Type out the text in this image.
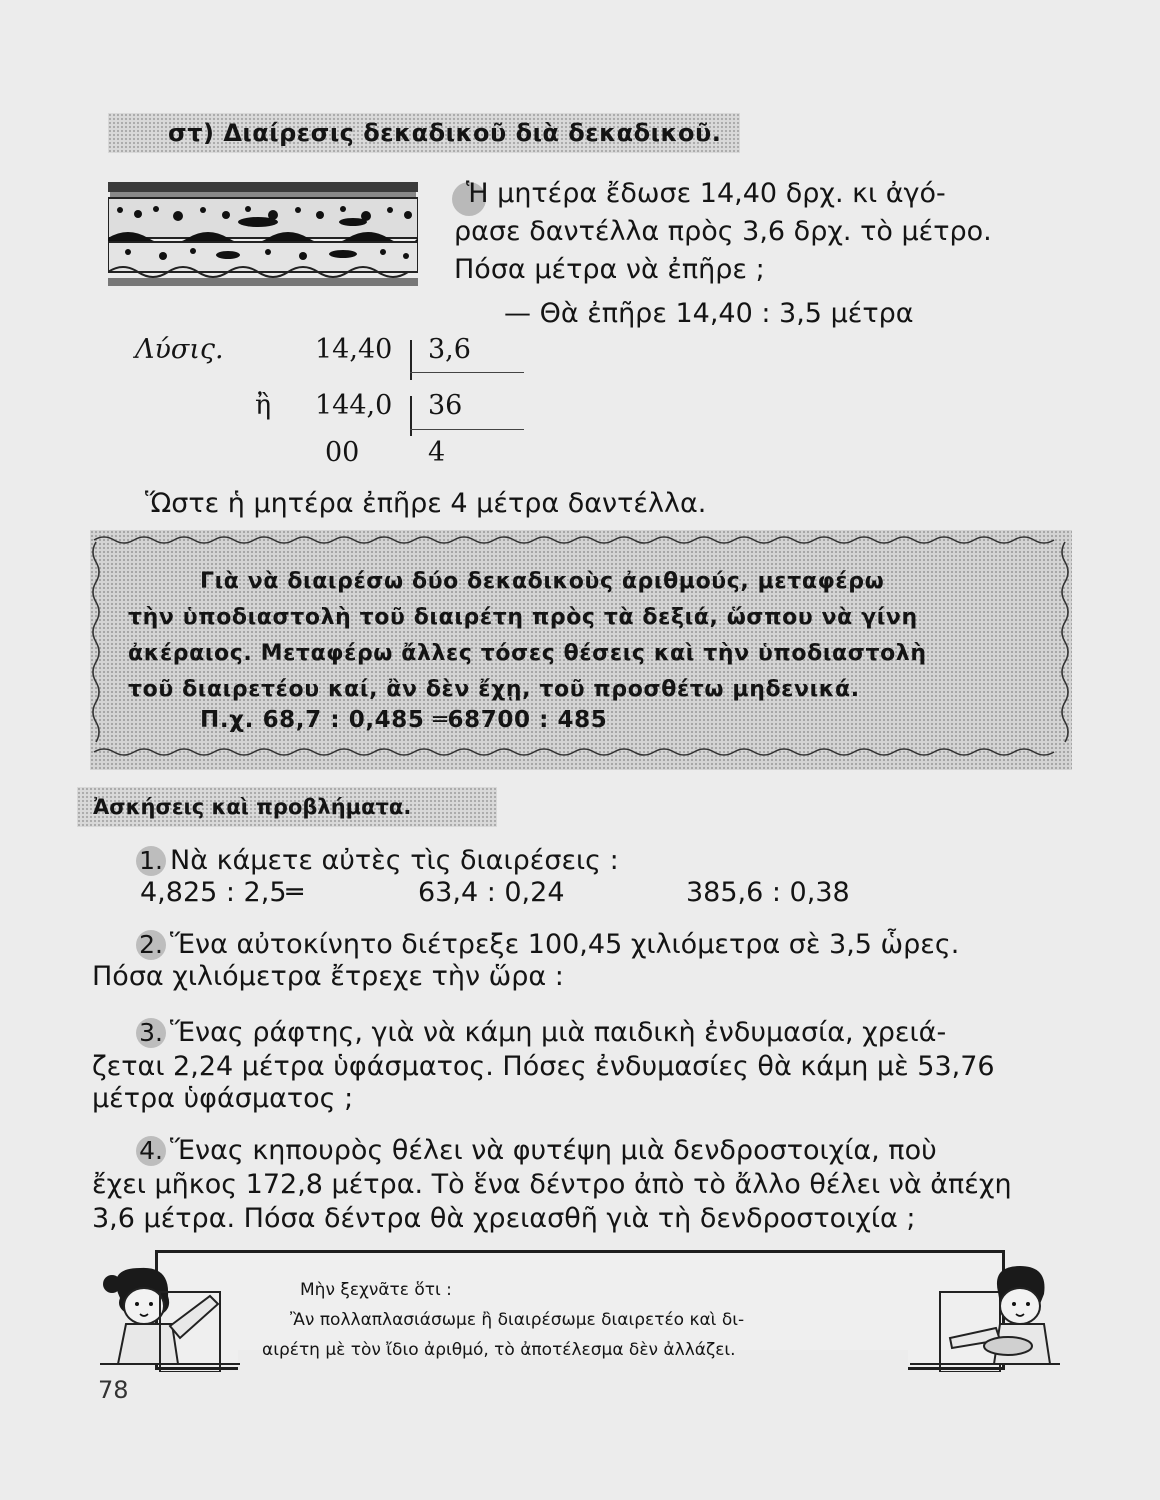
στ) Διαίρεσις δεκαδικοῦ διὰ δεκαδικοῦ.
Ἡ μητέρα ἔδωσε 14,40 δρχ. κι ἀγό-
ρασε δαντέλλα πρὸς 3,6 δρχ. τὸ μέτρο.
Πόσα μέτρα νὰ ἐπῆρε ;
— Θὰ ἐπῆρε 14,40 : 3,5 μέτρα
Λύσις.	14,40 3,6
ἢ 144,0 36
00	4
Ὥστε ἡ μητέρα ἐπῆρε 4 μέτρα δαντέλλα.
Γιὰ νὰ διαιρέσω δύο δεκαδικοὺς ἀριθμούς, μεταφέρω
τὴν ὑποδιαστολὴ τοῦ διαιρέτη πρὸς τὰ δεξιά, ὥσπου νὰ γίνη
ἀκέραιος. Μεταφέρω ἄλλες τόσες θέσεις καὶ τὴν ὑποδιαστολὴ
τοῦ διαιρετέου καί, ἂν δὲν ἔχῃ, τοῦ προσθέτω μηδενικά.
Π.χ. 68,7 : 0,485 ═68700 : 485
Ἀσκήσεις καὶ προβλήματα.
1. Νὰ κάμετε αὐτὲς τὶς διαιρέσεις :
4,825 : 2,5═	63,4 : 0,24	385,6 : 0,38
2. Ἕνα αὐτοκίνητο διέτρεξε 100,45 χιλιόμετρα σὲ 3,5 ὧρες.
Πόσα χιλιόμετρα ἔτρεχε τὴν ὥρα :
3. Ἕνας ράφτης, γιὰ νὰ κάμη μιὰ παιδικὴ ἐνδυμασία, χρειά-
ζεται 2,24 μέτρα ὑφάσματος. Πόσες ἐνδυμασίες θὰ κάμη μὲ 53,76
μέτρα ὑφάσματος ;
4. Ἕνας κηπουρὸς θέλει νὰ φυτέψη μιὰ δενδροστοιχία, ποὺ
ἔχει μῆκος 172,8 μέτρα. Τὸ ἕνα δέντρο ἀπὸ τὸ ἄλλο θέλει νὰ ἀπέχη
3,6 μέτρα. Πόσα δέντρα θὰ χρειασθῆ γιὰ τὴ δενδροστοιχία ;
Μὴν ξεχνᾶτε ὅτι :
Ἂν πολλαπλασιάσωμε ἢ διαιρέσωμε διαιρετέο καὶ δι-
αιρέτη μὲ τὸν ἴδιο ἀριθμό, τὸ ἀποτέλεσμα δὲν ἀλλάζει.
78
